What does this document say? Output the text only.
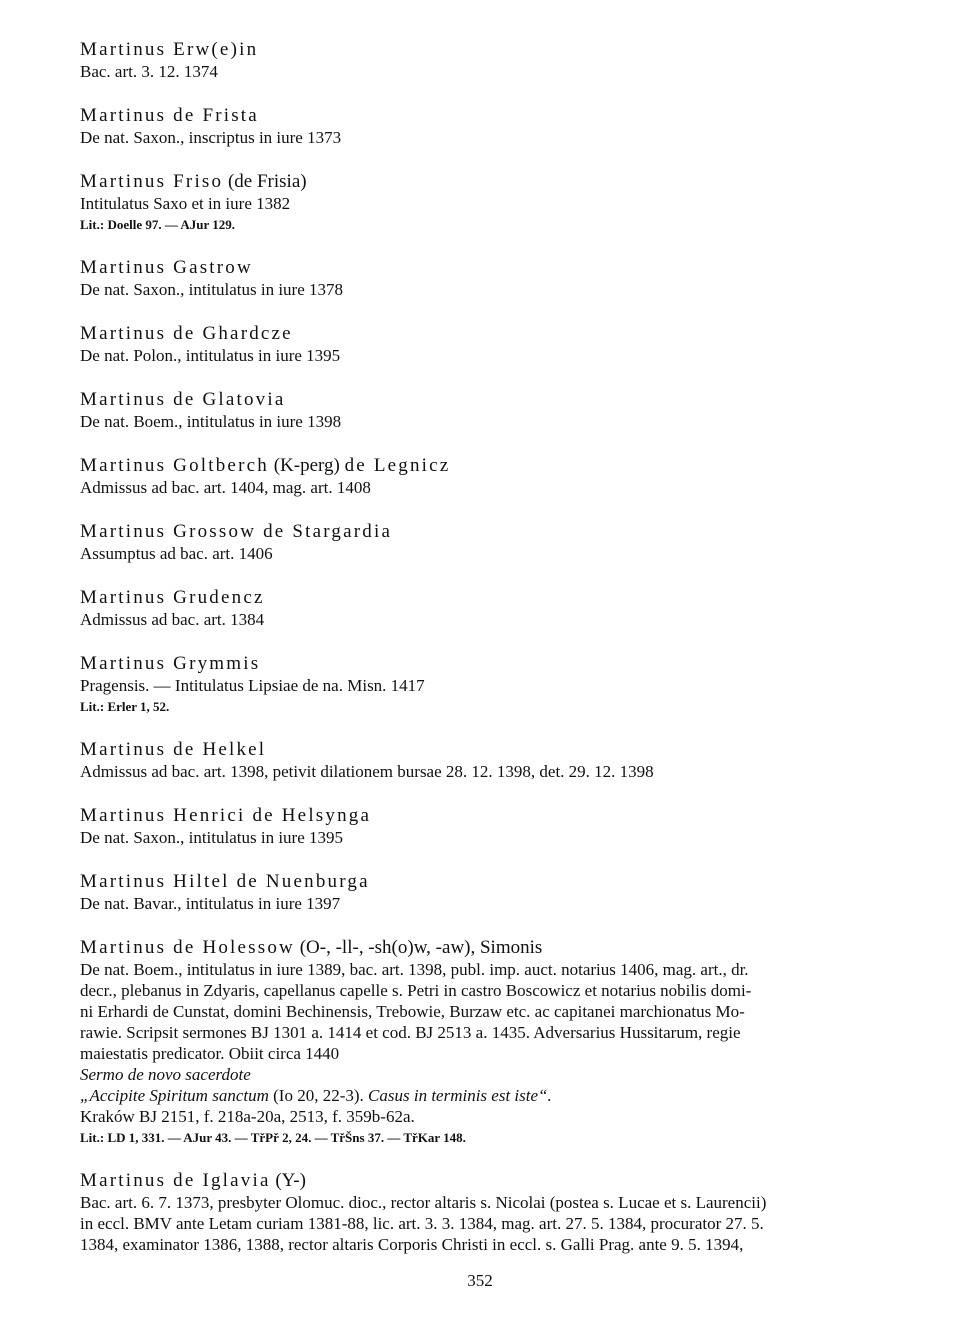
Martinus Erw(e)in
Bac. art. 3. 12. 1374
Martinus de Frista
De nat. Saxon., inscriptus in iure 1373
Martinus Friso (de Frisia)
Intitulatus Saxo et in iure 1382
Lit.: Doelle 97. — AJur 129.
Martinus Gastrow
De nat. Saxon., intitulatus in iure 1378
Martinus de Ghardcze
De nat. Polon., intitulatus in iure 1395
Martinus de Glatovia
De nat. Boem., intitulatus in iure 1398
Martinus Goltberch (K-perg) de Legnicz
Admissus ad bac. art. 1404, mag. art. 1408
Martinus Grossow de Stargardia
Assumptus ad bac. art. 1406
Martinus Grudencz
Admissus ad bac. art. 1384
Martinus Grymmis
Pragensis. — Intitulatus Lipsiae de na. Misn. 1417
Lit.: Erler 1, 52.
Martinus de Helkel
Admissus ad bac. art. 1398, petivit dilationem bursae 28. 12. 1398, det. 29. 12. 1398
Martinus Henrici de Helsynga
De nat. Saxon., intitulatus in iure 1395
Martinus Hiltel de Nuenburga
De nat. Bavar., intitulatus in iure 1397
Martinus de Holessow (O-, -ll-, -sh(o)w, -aw), Simonis

De nat. Boem., intitulatus in iure 1389, bac. art. 1398, publ. imp. auct. notarius 1406, mag. art., dr.

decr., plebanus in Zdyaris, capellanus capelle s. Petri in castro Boscowicz et notarius nobilis domi-

ni Erhardi de Cunstat, domini Bechinensis, Trebowie, Burzaw etc. ac capitanei marchionatus Mo-

rawie. Scripsit sermones BJ 1301 a. 1414 et cod. BJ 2513 a. 1435. Adversarius Hussitarum, regie

maiestatis predicator. Obiit circa 1440

Sermo de novo sacerdote

„Accipite Spiritum sanctum (Io 20, 22-3). Casus in terminis est iste“.

Kraków BJ 2151, f. 218a-20a, 2513, f. 359b-62a.

Lit.: LD 1, 331. — AJur 43. — TřPř 2, 24. — TřŠns 37. — TřKar 148.
Martinus de Iglavia (Y-)

Bac. art. 6. 7. 1373, presbyter Olomuc. dioc., rector altaris s. Nicolai (postea s. Lucae et s. Laurencii)

in eccl. BMV ante Letam curiam 1381-88, lic. art. 3. 3. 1384, mag. art. 27. 5. 1384, procurator 27. 5.

1384, examinator 1386, 1388, rector altaris Corporis Christi in eccl. s. Galli Prag. ante 9. 5. 1394,

352
